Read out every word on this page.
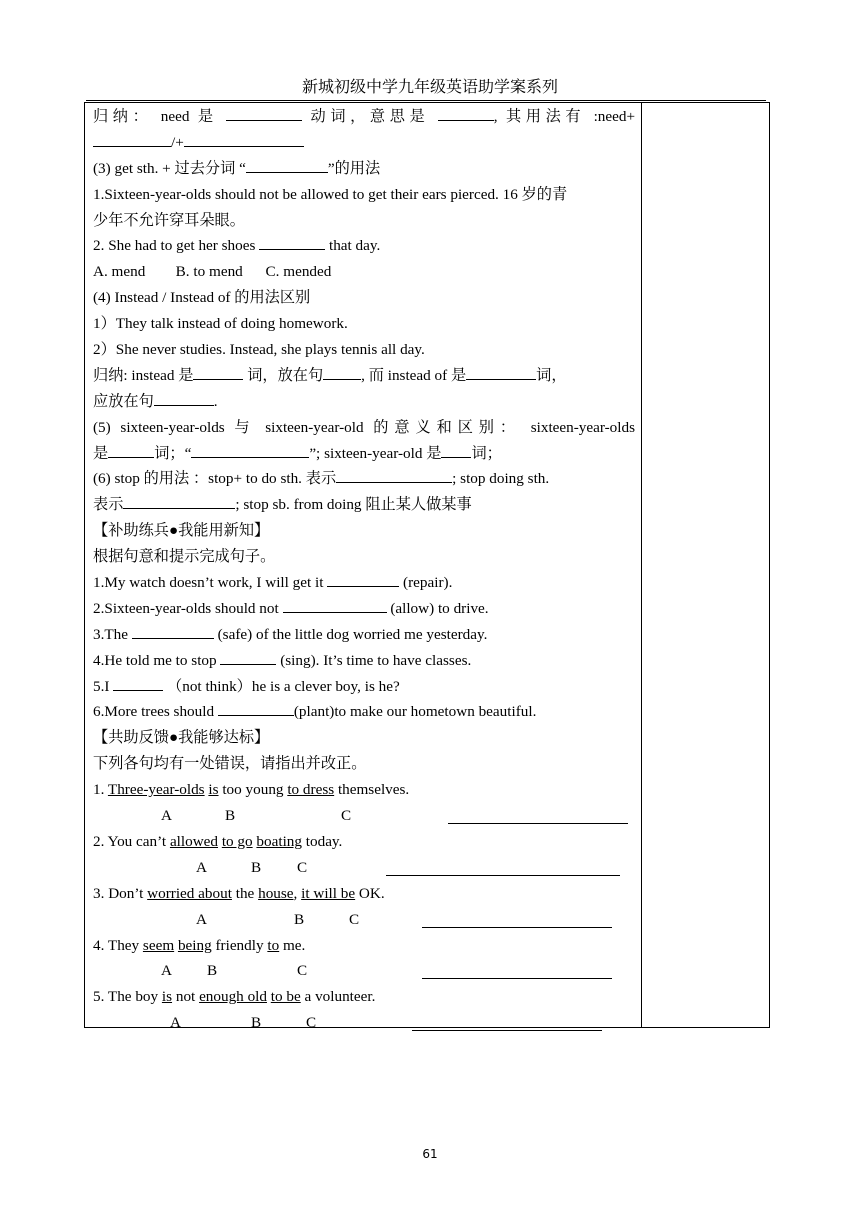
新城初级中学九年级英语助学案系列
归纳： need 是	动词，意思是	, 其用法有 :need+
/+
(3) get sth. + 过去分词 “	”的用法
1.Sixteen-year-olds should not be allowed to get their ears pierced. 16 岁的青
少年不允许穿耳朵眼。
2. She had to get her shoes	that day.
A. mend        B. to mend      C. mended
(4) Instead / Instead of 的用法区别
1）They talk instead of doing homework.
2）She never studies. Instead, she plays tennis all day.
归纳: instead 是	词，放在句	, 而 instead of 是	词，
应放在句	.
(5) sixteen-year-olds 与 sixteen-year-old 的意义和区别： sixteen-year-olds
是	词；“	”; sixteen-year-old 是 词；
(6) stop 的用法 ：stop+ to do sth. 表示	; stop doing sth.
表示	; stop sb. from doing 阻止某人做某事
【补助练兵●我能用新知】
根据句意和提示完成句子。
1.My watch doesn’t work, I will get it	(repair).
2.Sixteen-year-olds should not	(allow) to drive.
3.The	(safe) of the little dog worried me yesterday.
4.He told me to stop	(sing). It’s time to have classes.
5.I	（not think）he is a clever boy, is he?
6.More trees should	(plant)to make our hometown beautiful.
【共助反馈●我能够达标】
下列各句均有一处错误，请指出并改正。
1. Three-year-olds is too young to dress themselves.
A	B	C
2. You can’t allowed to go boating today.
A	B C
3. Don’t worried about the house, it will be OK.
A	B	C
4. They seem being friendly to me.
A B	C
5. The boy is not enough old to be a volunteer.
A	B	C
61
